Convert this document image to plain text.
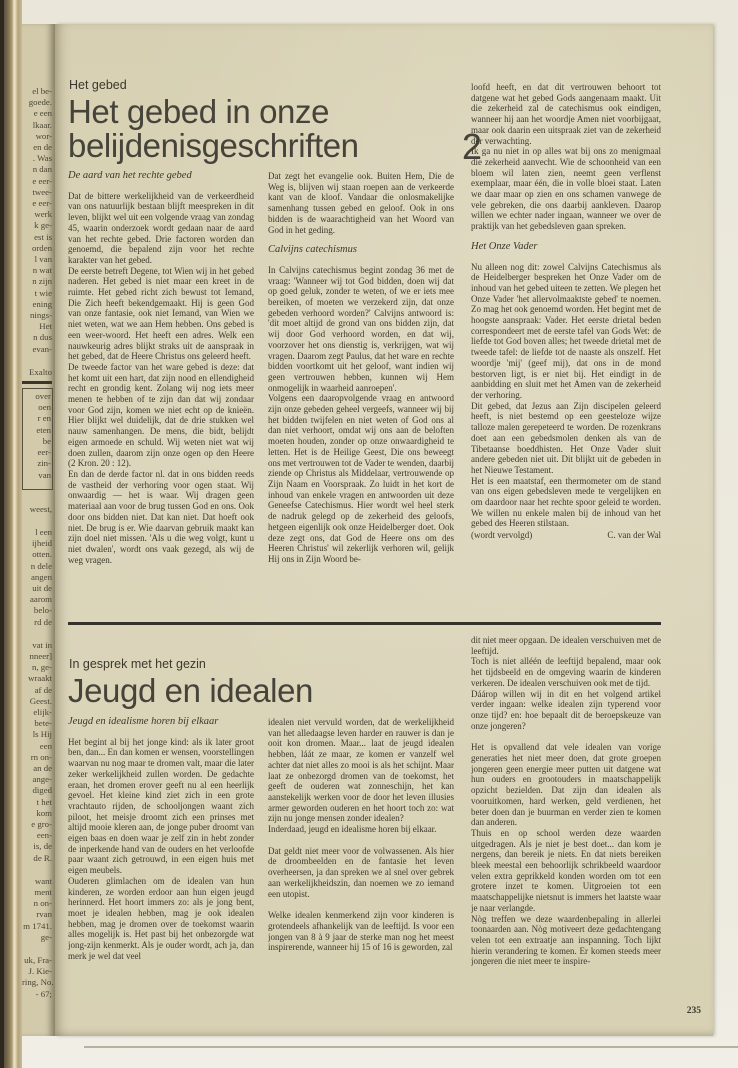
el be-
goede.
e een
lkaar.
wor-
en de
. Was
n dan
e eer-
twee-
e eer-
werk
k ge-
est is
orden
l van
n wat
n zijn
t wie
ening
nings-
Het
n dus
evan-
Exalto
over
oen
r en
eten
be
eer-
zin-
van
weest,
l een
ijheid
otten.
n dele
angen
uit de
aarom
belo-
rd de
vat in
nneer]
n, ge-
wraakt
af de
Geest.
elijk-
bete-
ls Hij
een
rn on-
an de
ange-
diged
t het
kom
e gro-
een-
is, de
de R.
want
ment
n on-
rvan
m 1741.
ge-
uk, Fra-
J. Kie-
ring, No.
- 67;
Het gebed
Het gebed in onze
belijdenisgeschriften
De aard van het rechte gebed
Dat de bittere werkelijkheid van de verkeerdheid van ons natuurlijk bestaan blijft meespreken in dit leven, blijkt wel uit een volgende vraag van zondag 45, waarin onderzoek wordt gedaan naar de aard van het rechte gebed. Drie factoren worden dan genoemd, die bepalend zijn voor het rechte karakter van het gebed.
De eerste betreft Degene, tot Wien wij in het gebed naderen. Het gebed is niet maar een kreet in de ruimte. Het gebed richt zich bewust tot Iemand, Die Zich heeft bekendgemaakt. Hij is geen God van onze fantasie, ook niet Iemand, van Wien we niet weten, wat we aan Hem hebben. Ons gebed is een weer-woord. Het heeft een adres. Welk een nauwkeurig adres blijkt straks uit de aanspraak in het gebed, dat de Heere Christus ons geleerd heeft.
De tweede factor van het ware gebed is deze: dat het komt uit een hart, dat zijn nood en ellendigheid recht en grondig kent. Zolang wij nog iets meer menen te hebben of te zijn dan dat wij zondaar voor God zijn, komen we niet echt op de knieën. Hier blijkt wel duidelijk, dat de drie stukken wel nauw samenhangen. De mens, die bidt, belijdt eigen armoede en schuld. Wij weten niet wat wij doen zullen, daarom zijn onze ogen op den Heere (2 Kron. 20 : 12).
En dan de derde factor nl. dat in ons bidden reeds de vastheid der verhoring voor ogen staat. Wij onwaardig — het is waar. Wij dragen geen materiaal aan voor de brug tussen God en ons. Ook door ons bidden niet. Dat kan niet. Dat hoeft ook niet. De brug is er. Wie daarvan gebruik maakt kan zijn doel niet missen. 'Als u die weg volgt, kunt u niet dwalen', wordt ons vaak gezegd, als wij de weg vragen.
Dat zegt het evangelie ook. Buiten Hem, Die de Weg is, blijven wij staan roepen aan de verkeerde kant van de kloof. Vandaar die onlosmakelijke samenhang tussen gebed en geloof. Ook in ons bidden is de waarachtigheid van het Woord van God in het geding.
Calvijns catechismus
In Calvijns catechismus begint zondag 36 met de vraag: 'Wanneer wij tot God bidden, doen wij dat op goed geluk, zonder te weten, of we er iets mee bereiken, of moeten we verzekerd zijn, dat onze gebeden verhoord worden?' Calvijns antwoord is: 'dit moet altijd de grond van ons bidden zijn, dat wij door God verhoord worden, en dat wij, voorzover het ons dienstig is, verkrijgen, wat wij vragen. Daarom zegt Paulus, dat het ware en rechte bidden voortkomt uit het geloof, want indien wij geen vertrouwen hebben, kunnen wij Hem onmogelijk in waarheid aanroepen'.
Volgens een daaropvolgende vraag en antwoord zijn onze gebeden geheel vergeefs, wanneer wij bij het bidden twijfelen en niet weten of God ons al dan niet verhoort, omdat wij ons aan de beloften moeten houden, zonder op onze onwaardigheid te letten. Het is de Heilige Geest, Die ons beweegt ons met vertrouwen tot de Vader te wenden, daarbij ziende op Christus als Middelaar, vertrouwende op Zijn Naam en Voorspraak. Zo luidt in het kort de inhoud van enkele vragen en antwoorden uit deze Geneefse Catechismus. Hier wordt wel heel sterk de nadruk gelegd op de zekerheid des geloofs, hetgeen eigenlijk ook onze Heidelberger doet. Ook deze zegt ons, dat God de Heere ons om des Heeren Christus' wil zekerlijk verhoren wil, gelijk Hij ons in Zijn Woord be-
2
loofd heeft, en dat dit vertrouwen behoort tot datgene wat het gebed Gods aangenaam maakt. Uit die zekerheid zal de catechismus ook eindigen, wanneer hij aan het woordje Amen niet voorbijgaat, maar ook daarin een uitspraak ziet van de zekerheid der verwachting.
Ik ga nu niet in op alles wat bij ons zo menigmaal die zekerheid aanvecht. Wie de schoonheid van een bloem wil laten zien, neemt geen verflenst exemplaar, maar één, die in volle bloei staat. Laten we daar maar op zien en ons schamen vanwege de vele gebreken, die ons daarbij aankleven. Daarop willen we echter nader ingaan, wanneer we over de praktijk van het gebedsleven gaan spreken.
Het Onze Vader
Nu alleen nog dit: zowel Calvijns Catechismus als de Heidelberger bespreken het Onze Vader om de inhoud van het gebed uiteen te zetten. We plegen het Onze Vader 'het allervolmaaktste gebed' te noemen. Zo mag het ook genoemd worden. Het begint met de hoogste aanspraak: Vader. Het eerste drietal beden correspondeert met de eerste tafel van Gods Wet: de liefde tot God boven alles; het tweede drietal met de tweede tafel: de liefde tot de naaste als onszelf. Het woordje 'mij' (geef mij), dat ons in de mond bestorven ligt, is er niet bij. Het eindigt in de aanbidding en sluit met het Amen van de zekerheid der verhoring.
Dit gebed, dat Jezus aan Zijn discipelen geleerd heeft, is niet bestemd op een geesteloze wijze talloze malen gerepeteerd te worden. De rozenkrans doet aan een gebedsmolen denken als van de Tibetaanse boeddhisten. Het Onze Vader sluit andere gebeden niet uit. Dit blijkt uit de gebeden in het Nieuwe Testament.
Het is een maatstaf, een thermometer om de stand van ons eigen gebedsleven mede te vergelijken en om daardoor naar het rechte spoor geleid te worden. We willen nu enkele malen bij de inhoud van het gebed des Heeren stilstaan.
(wordt vervolgd)	C. van der Wal
In gesprek met het gezin
Jeugd en idealen
Jeugd en idealisme horen bij elkaar
Het begint al bij het jonge kind: als ik later groot ben, dan... En dan komen er wensen, voorstellingen waarvan nu nog maar te dromen valt, maar die later zeker werkelijkheid zullen worden. De gedachte eraan, het dromen erover geeft nu al een heerlijk gevoel. Het kleine kind ziet zich in een grote vrachtauto rijden, de schooljongen waant zich piloot, het meisje droomt zich een prinses met altijd mooie kleren aan, de jonge puber droomt van eigen baas en doen waar je zelf zin in hebt zonder de inperkende hand van de ouders en het verloofde paar waant zich getrouwd, in een eigen huis met eigen meubels.
Ouderen glimlachen om de idealen van hun kinderen, ze worden erdoor aan hun eigen jeugd herinnerd. Het hoort immers zo: als je jong bent, moet je idealen hebben, mag je ook idealen hebben, mag je dromen over de toekomst waarin alles mogelijk is. Het past bij het onbezorgde wat jong-zijn kenmerkt. Als je ouder wordt, ach ja, dan merk je wel dat veel
idealen niet vervuld worden, dat de werkelijkheid van het alledaagse leven harder en rauwer is dan je ooit kon dromen. Maar... laat de jeugd idealen hebben, láát ze maar, ze komen er vanzelf wel achter dat niet alles zo mooi is als het schijnt. Maar laat ze onbezorgd dromen van de toekomst, het geeft de ouderen wat zonneschijn, het kan aanstekelijk werken voor de door het leven illusies armer geworden ouderen en het hoort toch zo: wat zijn nu jonge mensen zonder idealen?
Inderdaad, jeugd en idealisme horen bij elkaar.
Dat geldt niet meer voor de volwassenen. Als hier de droombeelden en de fantasie het leven overheersen, ja dan spreken we al snel over gebrek aan werkelijkheidszin, dan noemen we zo iemand een utopist.
Welke idealen kenmerkend zijn voor kinderen is grotendeels afhankelijk van de leeftijd. Is voor een jongen van 8 à 9 jaar de sterke man nog het meest inspirerende, wanneer hij 15 of 16 is geworden, zal
dit niet meer opgaan. De idealen verschuiven met de leeftijd.
Toch is niet alléén de leeftijd bepalend, maar ook het tijdsbeeld en de omgeving waarin de kinderen verkeren. De idealen verschuiven ook met de tijd.
Dáárop willen wij in dit en het volgend artikel verder ingaan: welke idealen zijn typerend voor onze tijd? en: hoe bepaalt dit de beroepskeuze van onze jongeren?
Het is opvallend dat vele idealen van vorige generaties het niet meer doen, dat grote groepen jongeren geen energie meer putten uit datgene wat hun ouders en grootouders in maatschappelijk opzicht bezielden. Dat zijn dan idealen als vooruitkomen, hard werken, geld verdienen, het beter doen dan je buurman en verder zien te komen dan anderen.
Thuis en op school werden deze waarden uitgedragen. Als je niet je best doet... dan kom je nergens, dan bereik je niets. En dat niets bereiken bleek meestal een behoorlijk schrikbeeld waardoor velen extra geprikkeld konden worden om tot een grotere inzet te komen. Uitgroeien tot een maatschappelijke nietsnut is immers het laatste waar je naar verlangde.
Nòg treffen we deze waardenbepaling in allerlei toonaarden aan. Nòg motiveert deze gedachtengang velen tot een extraatje aan inspanning. Toch lijkt hierin verandering te komen. Er komen steeds meer jongeren die niet meer te inspire-
235
